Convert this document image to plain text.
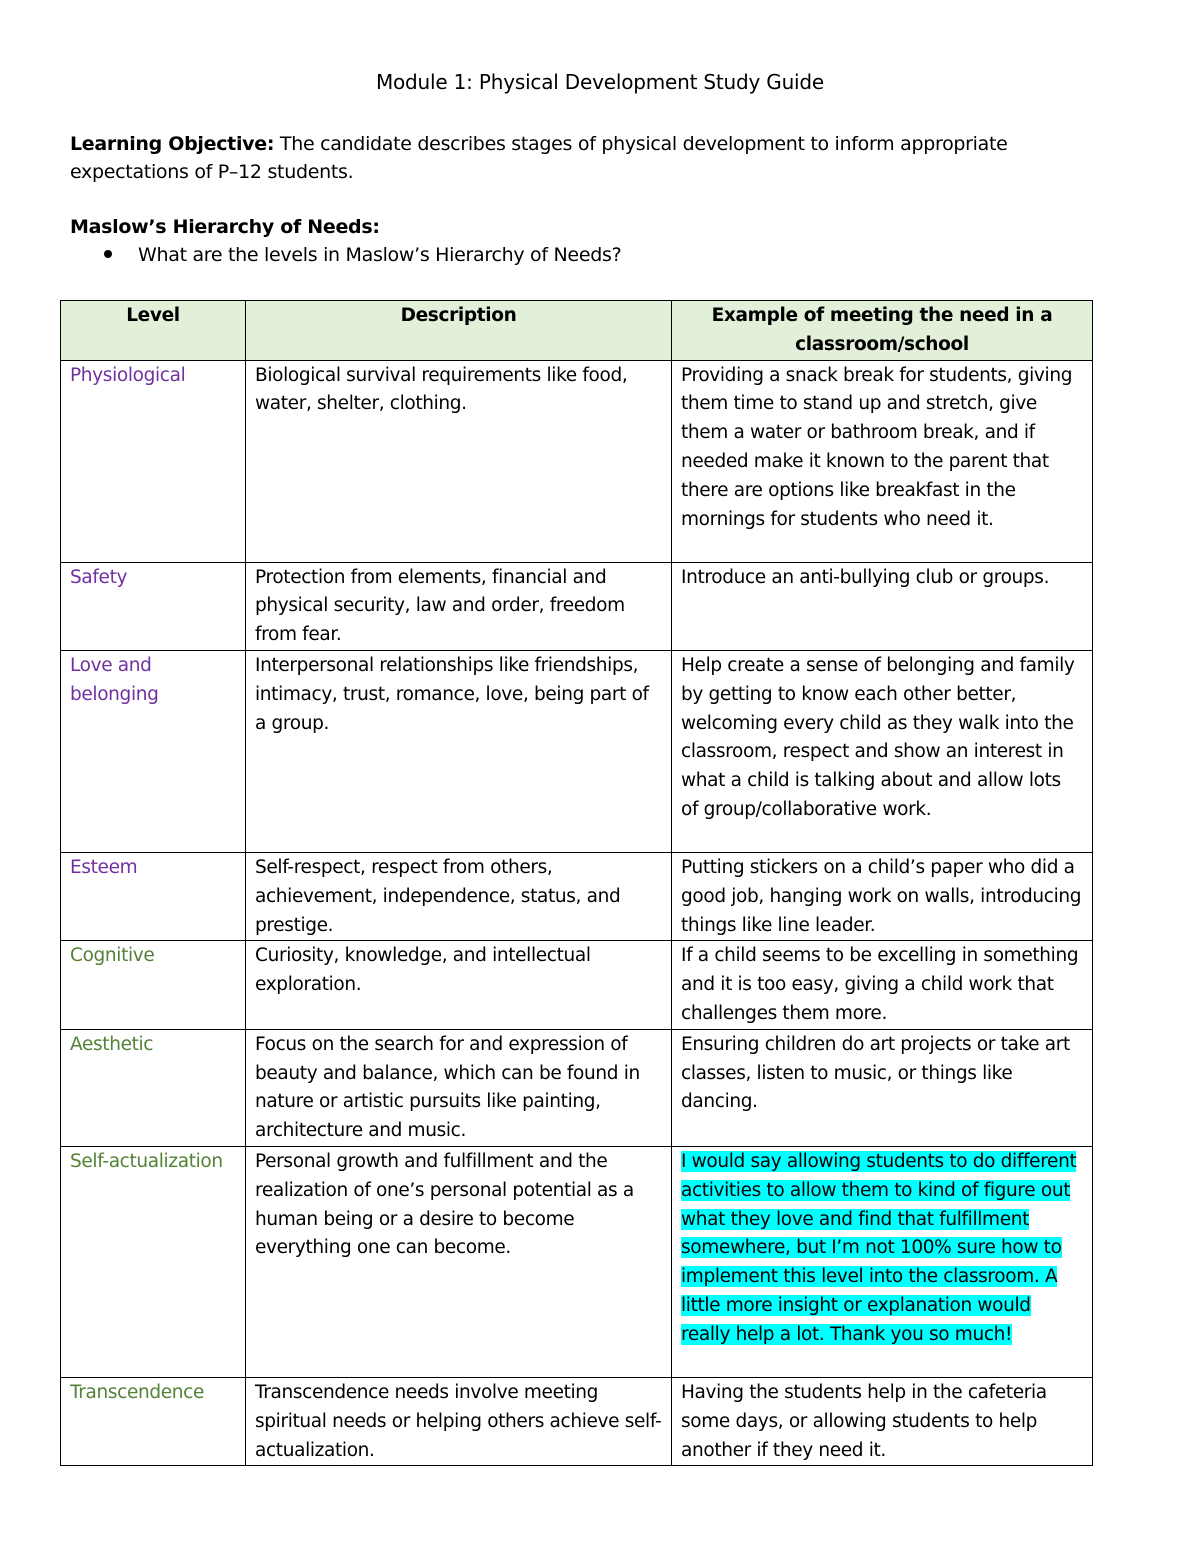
Module 1: Physical Development Study Guide

Learning Objective: The candidate describes stages of physical development to inform appropriate expectations of P–12 students.

Maslow’s Hierarchy of Needs:

What are the levels in Maslow’s Hierarchy of Needs?

Level	Description	Example of meeting the need in a classroom/school
Physiological	Biological survival requirements like food, water, shelter, clothing.	Providing a snack break for students, giving them time to stand up and stretch, give them a water or bathroom break, and if needed make it known to the parent that there are options like breakfast in the mornings for students who need it.
Safety	Protection from elements, financial and physical security, law and order, freedom from fear.	Introduce an anti-bullying club or groups.
Love and belonging	Interpersonal relationships like friendships, intimacy, trust, romance, love, being part of a group.	Help create a sense of belonging and family by getting to know each other better, welcoming every child as they walk into the classroom, respect and show an interest in what a child is talking about and allow lots of group/collaborative work.
Esteem	Self-respect, respect from others, achievement, independence, status, and prestige.	Putting stickers on a child’s paper who did a good job, hanging work on walls, introducing things like line leader.
Cognitive	Curiosity, knowledge, and intellectual exploration.	If a child seems to be excelling in something and it is too easy, giving a child work that challenges them more.
Aesthetic	Focus on the search for and expression of beauty and balance, which can be found in nature or artistic pursuits like painting, architecture and music.	Ensuring children do art projects or take art classes, listen to music, or things like dancing.
Self-actualization	Personal growth and fulfillment and the realization of one’s personal potential as a human being or a desire to become everything one can become.	I would say allowing students to do different activities to allow them to kind of figure out what they love and find that fulfillment somewhere, but I’m not 100% sure how to implement this level into the classroom. A little more insight or explanation would really help a lot. Thank you so much!
Transcendence	Transcendence needs involve meeting spiritual needs or helping others achieve self-actualization.	Having the students help in the cafeteria some days, or allowing students to help another if they need it.
